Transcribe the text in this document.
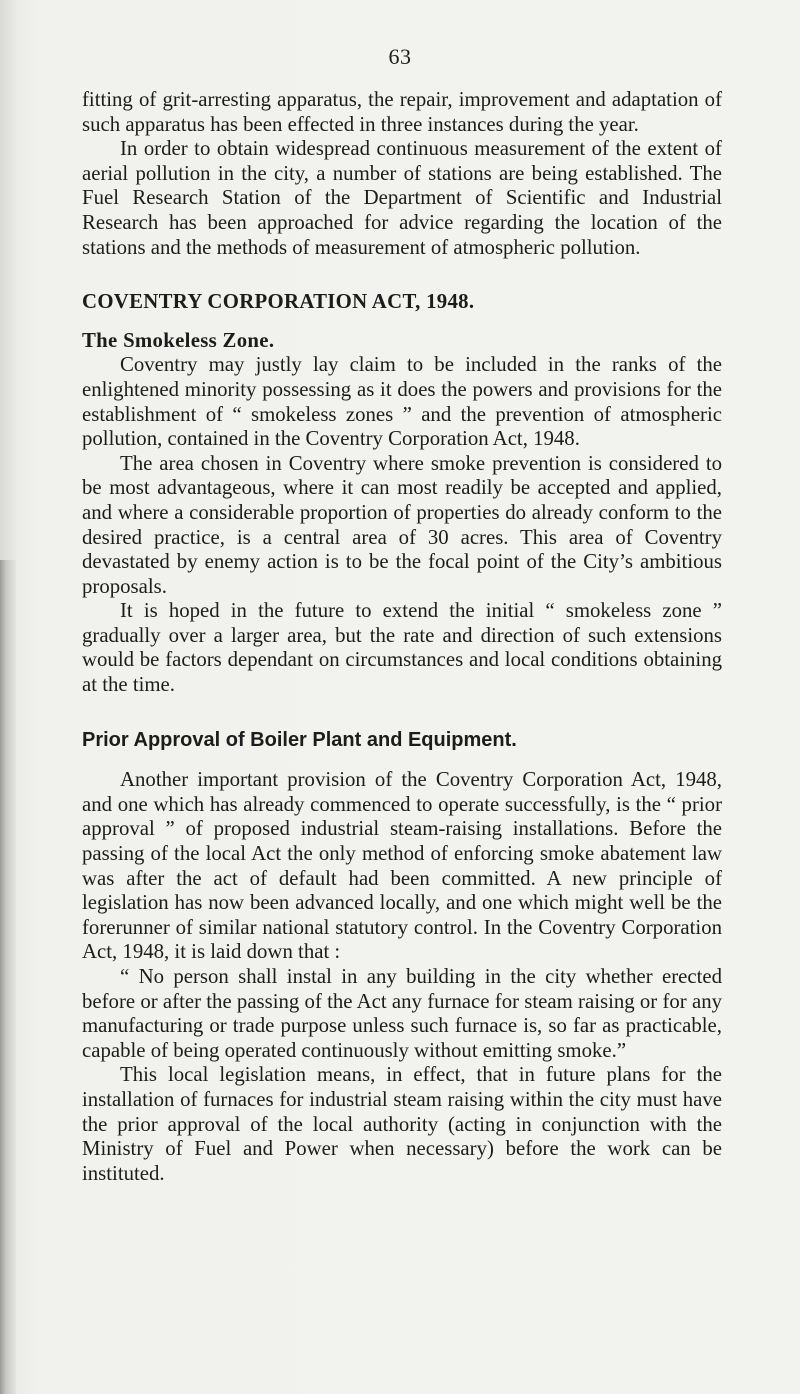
63

fitting of grit-arresting apparatus, the repair, improvement and adaptation of such apparatus has been effected in three instances during the year.

In order to obtain widespread continuous measurement of the extent of aerial pollution in the city, a number of stations are being established. The Fuel Research Station of the Department of Scientific and Industrial Research has been approached for advice regarding the location of the stations and the methods of measurement of atmospheric pollution.

COVENTRY CORPORATION ACT, 1948.
The Smokeless Zone.

Coventry may justly lay claim to be included in the ranks of the enlightened minority possessing as it does the powers and provisions for the establishment of “ smokeless zones ” and the prevention of atmospheric pollution, contained in the Coventry Corporation Act, 1948.

The area chosen in Coventry where smoke prevention is considered to be most advantageous, where it can most readily be accepted and applied, and where a considerable proportion of properties do already conform to the desired practice, is a central area of 30 acres. This area of Coventry devastated by enemy action is to be the focal point of the City’s ambitious proposals.

It is hoped in the future to extend the initial “ smokeless zone ” gradually over a larger area, but the rate and direction of such extensions would be factors dependant on circumstances and local conditions obtaining at the time.

Prior Approval of Boiler Plant and Equipment.

Another important provision of the Coventry Corporation Act, 1948, and one which has already commenced to operate successfully, is the “ prior approval ” of proposed industrial steam-raising installations. Before the passing of the local Act the only method of enforcing smoke abatement law was after the act of default had been committed. A new principle of legislation has now been advanced locally, and one which might well be the forerunner of similar national statutory control. In the Coventry Corporation Act, 1948, it is laid down that :

“ No person shall instal in any building in the city whether erected before or after the passing of the Act any furnace for steam raising or for any manufacturing or trade purpose unless such furnace is, so far as practicable, capable of being operated continuously without emitting smoke.”

This local legislation means, in effect, that in future plans for the installation of furnaces for industrial steam raising within the city must have the prior approval of the local authority (acting in conjunction with the Ministry of Fuel and Power when necessary) before the work can be instituted.
